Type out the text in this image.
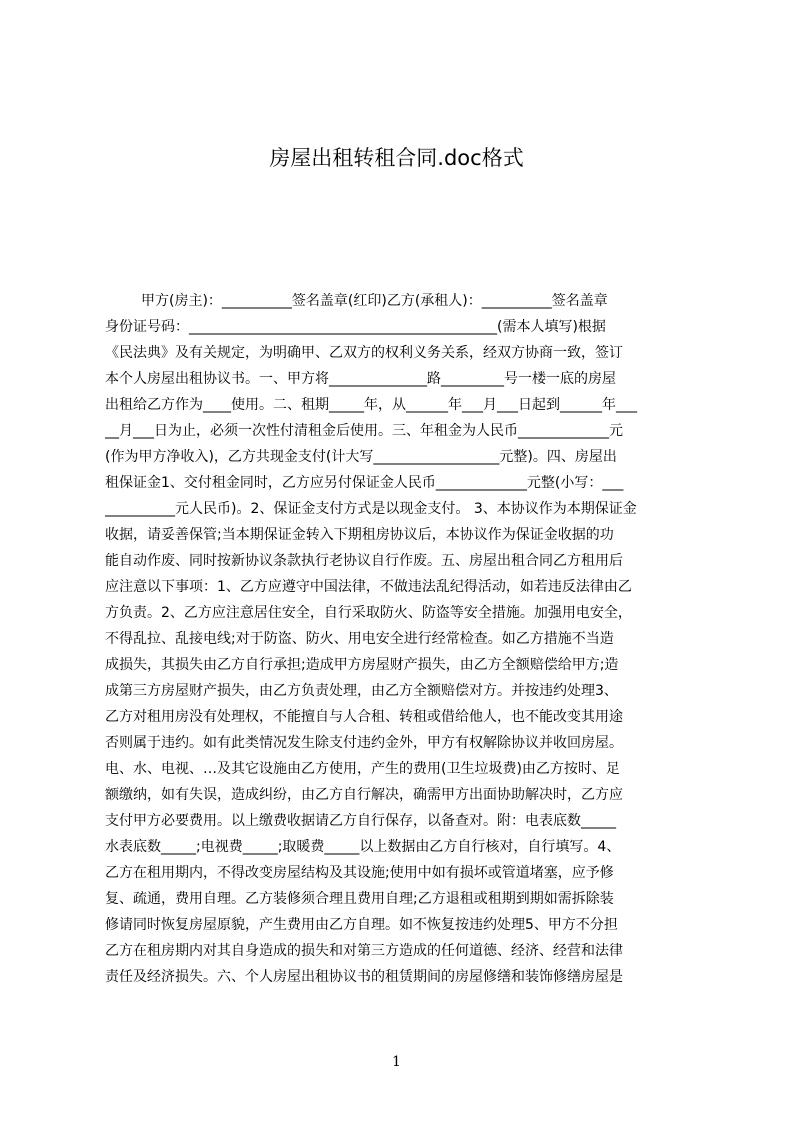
房屋出租转租合同.doc格式
甲方(房主)：__________签名盖章(红印)乙方(承租人)：__________签名盖章
身份证号码：____________________________________________(需本人填写)根据
《民法典》及有关规定，为明确甲、乙双方的权利义务关系，经双方协商一致，签订
本个人房屋出租协议书。一、甲方将______________路_________号一楼一底的房屋
出租给乙方作为____使用。二、租期_____年，从______年___月___日起到______年___
__月___日为止，必须一次性付清租金后使用。三、年租金为人民币_____________元
(作为甲方净收入)，乙方共现金支付(计大写__________________元整)。四、房屋出
租保证金1、交付租金同时，乙方应另付保证金人民币_____________元整(小写：___
__________元人民币)。2、保证金支付方式是以现金支付。 3、本协议作为本期保证金
收据，请妥善保管;当本期保证金转入下期租房协议后，本协议作为保证金收据的功
能自动作废、同时按新协议条款执行老协议自行作废。五、房屋出租合同乙方租用后
应注意以下事项：1、乙方应遵守中国法律，不做违法乱纪得活动，如若违反法律由乙
方负责。2、乙方应注意居住安全，自行采取防火、防盗等安全措施。加强用电安全，
不得乱拉、乱接电线;对于防盗、防火、用电安全进行经常检查。如乙方措施不当造
成损失，其损失由乙方自行承担;造成甲方房屋财产损失，由乙方全额赔偿给甲方;造
成第三方房屋财产损失，由乙方负责处理，由乙方全额赔偿对方。并按违约处理3、
乙方对租用房没有处理权，不能擅自与人合租、转租或借给他人，也不能改变其用途
否则属于违约。如有此类情况发生除支付违约金外，甲方有权解除协议并收回房屋。
电、水、电视、…及其它设施由乙方使用，产生的费用(卫生垃圾费)由乙方按时、足
额缴纳，如有失误，造成纠纷，由乙方自行解决，确需甲方出面协助解决时，乙方应
支付甲方必要费用。以上缴费收据请乙方自行保存，以备查对。附：电表底数_____
水表底数_____;电视费_____;取暖费_____以上数据由乙方自行核对，自行填写。4、
乙方在租用期内，不得改变房屋结构及其设施;使用中如有损坏或管道堵塞，应予修
复、疏通，费用自理。乙方装修须合理且费用自理;乙方退租或租期到期如需拆除装
修请同时恢复房屋原貌，产生费用由乙方自理。如不恢复按违约处理5、甲方不分担
乙方在租房期内对其自身造成的损失和对第三方造成的任何道德、经济、经营和法律
责任及经济损失。六、个人房屋出租协议书的租赁期间的房屋修缮和装饰修缮房屋是
1
